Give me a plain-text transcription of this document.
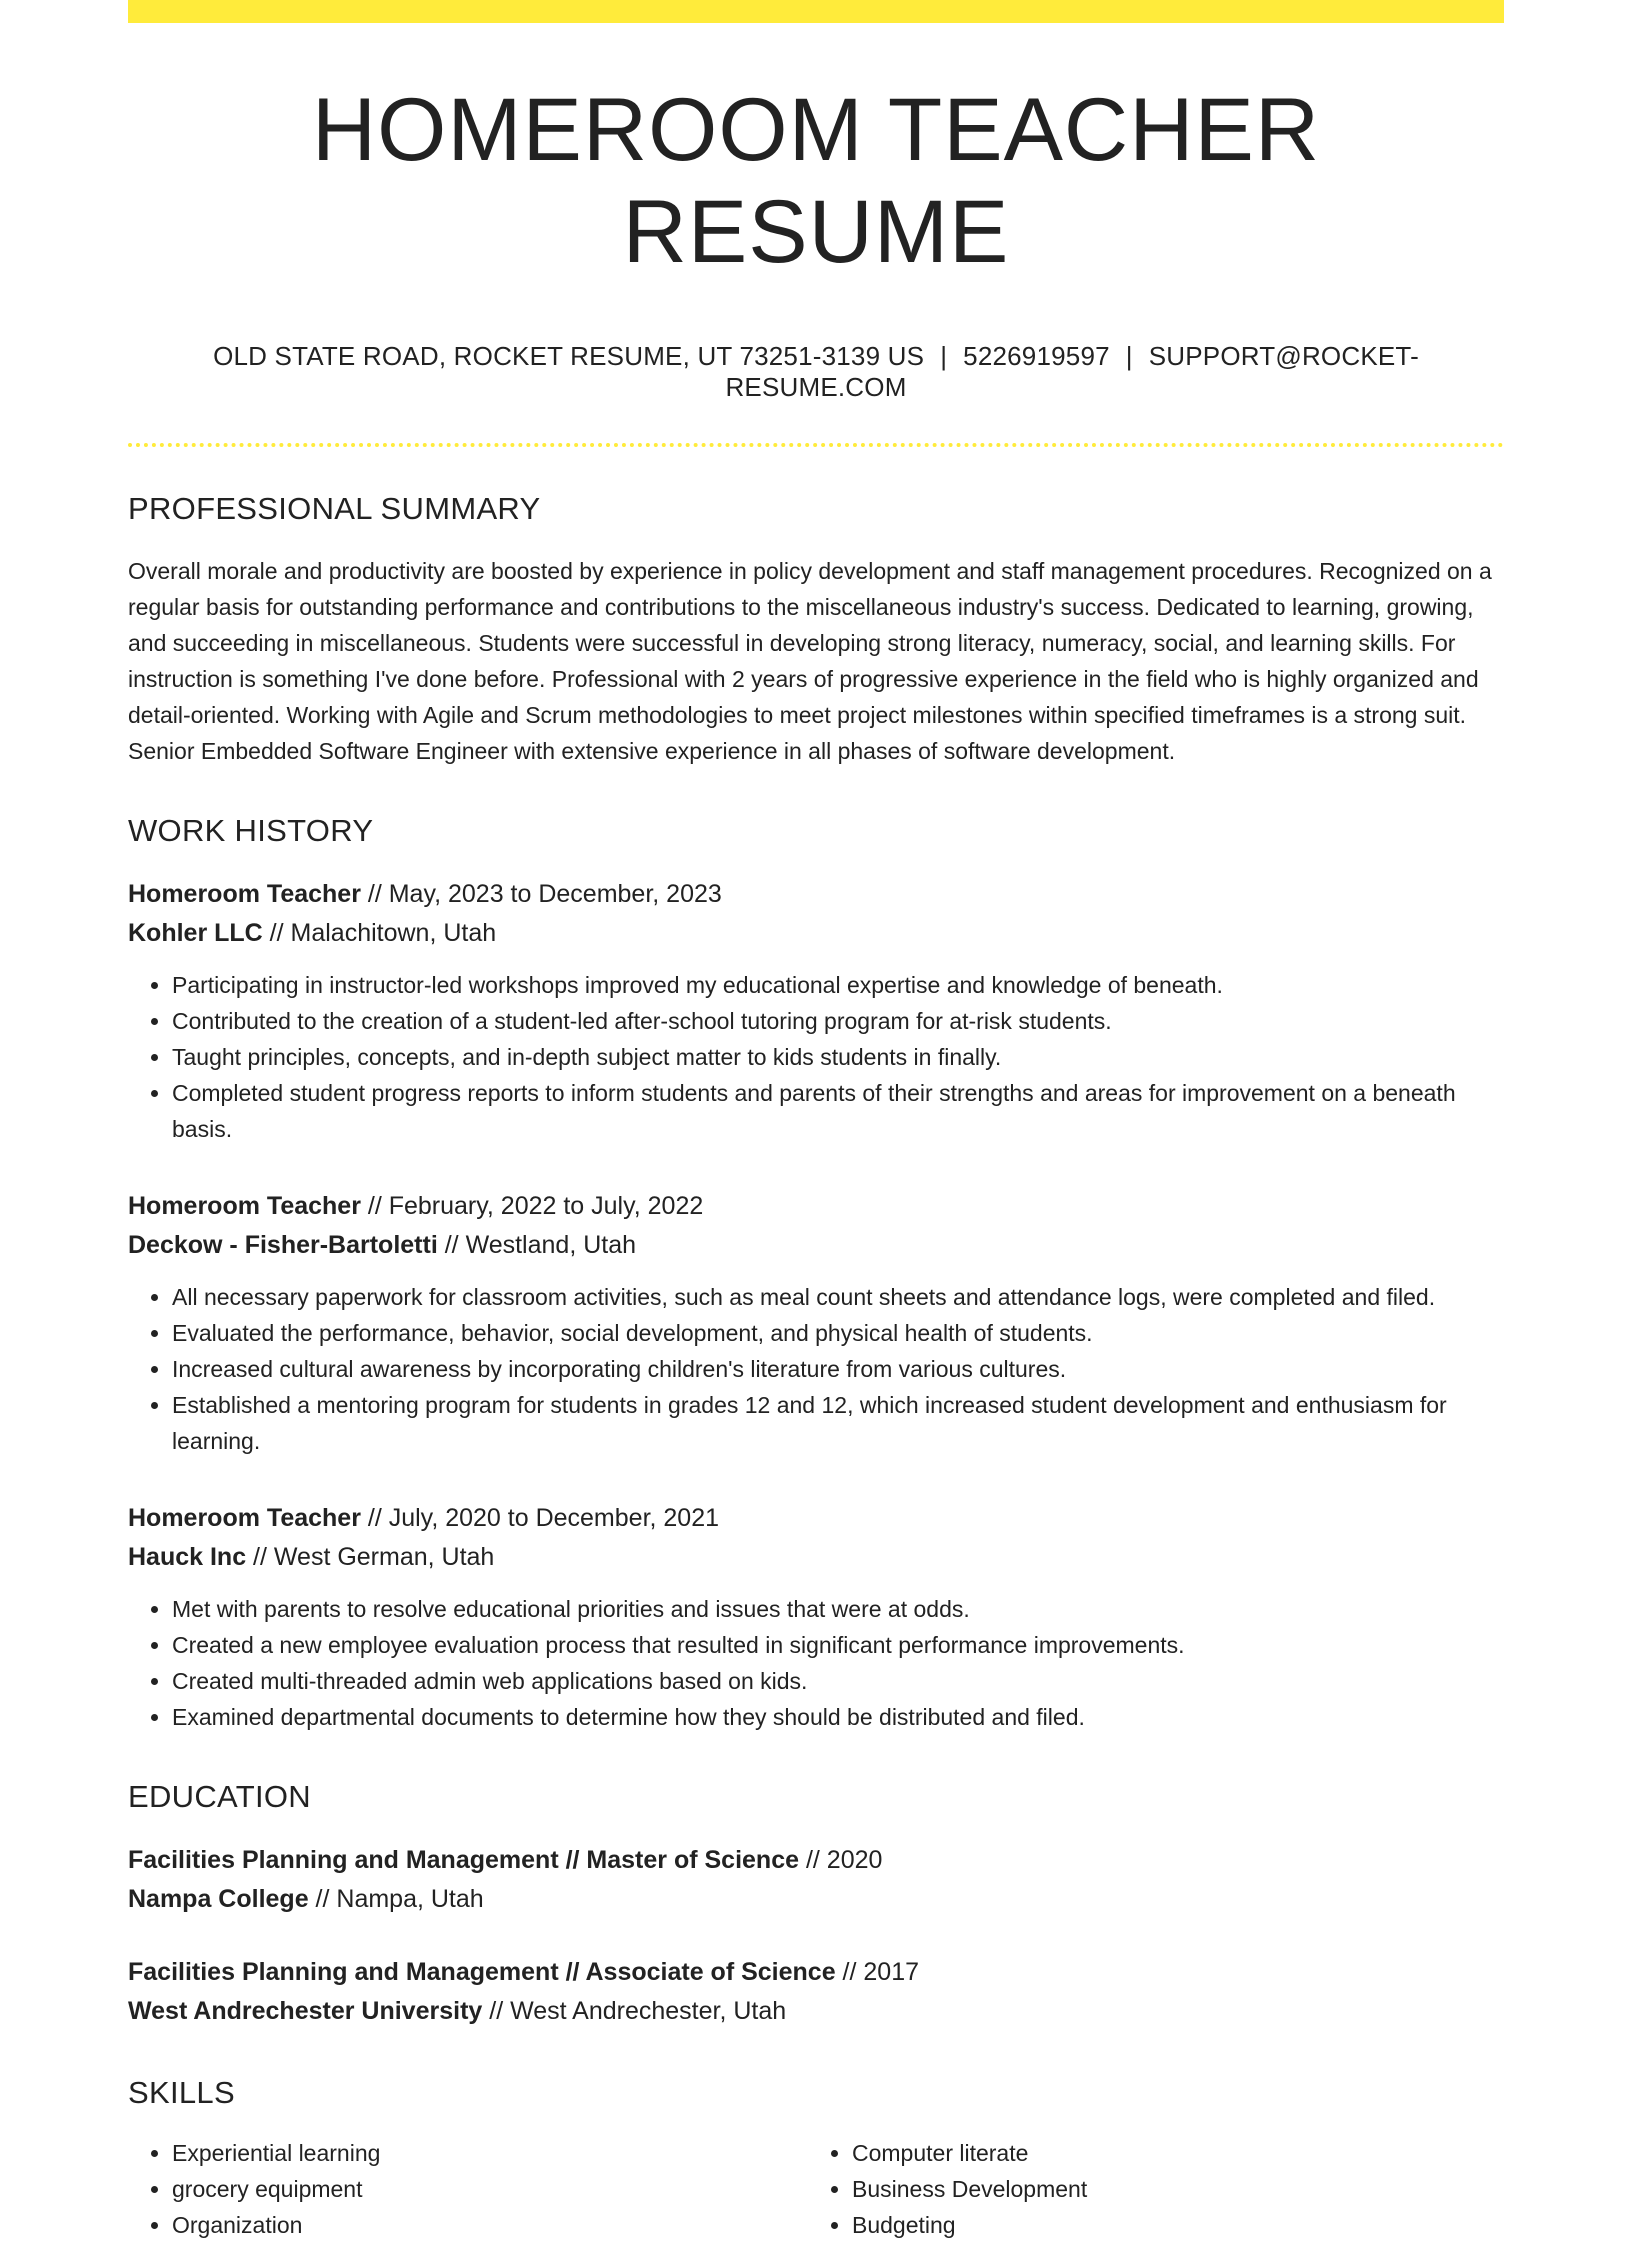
HOMEROOM TEACHER RESUME
OLD STATE ROAD, ROCKET RESUME, UT 73251-3139 US | 5226919597 | SUPPORT@ROCKET-RESUME.COM
PROFESSIONAL SUMMARY

Overall morale and productivity are boosted by experience in policy development and staff management procedures. Recognized on a regular basis for outstanding performance and contributions to the miscellaneous industry's success. Dedicated to learning, growing, and succeeding in miscellaneous. Students were successful in developing strong literacy, numeracy, social, and learning skills. For instruction is something I've done before. Professional with 2 years of progressive experience in the field who is highly organized and detail-oriented. Working with Agile and Scrum methodologies to meet project milestones within specified timeframes is a strong suit. Senior Embedded Software Engineer with extensive experience in all phases of software development.

WORK HISTORY
Homeroom Teacher // May, 2023 to December, 2023
Kohler LLC // Malachitown, Utah
• Participating in instructor-led workshops improved my educational expertise and knowledge of beneath.
• Contributed to the creation of a student-led after-school tutoring program for at-risk students.
• Taught principles, concepts, and in-depth subject matter to kids students in finally.
• Completed student progress reports to inform students and parents of their strengths and areas for improvement on a beneath basis.
Homeroom Teacher // February, 2022 to July, 2022
Deckow - Fisher-Bartoletti // Westland, Utah
• All necessary paperwork for classroom activities, such as meal count sheets and attendance logs, were completed and filed.
• Evaluated the performance, behavior, social development, and physical health of students.
• Increased cultural awareness by incorporating children's literature from various cultures.
• Established a mentoring program for students in grades 12 and 12, which increased student development and enthusiasm for learning.
Homeroom Teacher // July, 2020 to December, 2021
Hauck Inc // West German, Utah
• Met with parents to resolve educational priorities and issues that were at odds.
• Created a new employee evaluation process that resulted in significant performance improvements.
• Created multi-threaded admin web applications based on kids.
• Examined departmental documents to determine how they should be distributed and filed.
EDUCATION
Facilities Planning and Management // Master of Science // 2020
Nampa College // Nampa, Utah
Facilities Planning and Management // Associate of Science // 2017
West Andrechester University // West Andrechester, Utah
SKILLS
• Experiential learning
• grocery equipment
• Organization
• Computer literate
• Business Development
• Budgeting
